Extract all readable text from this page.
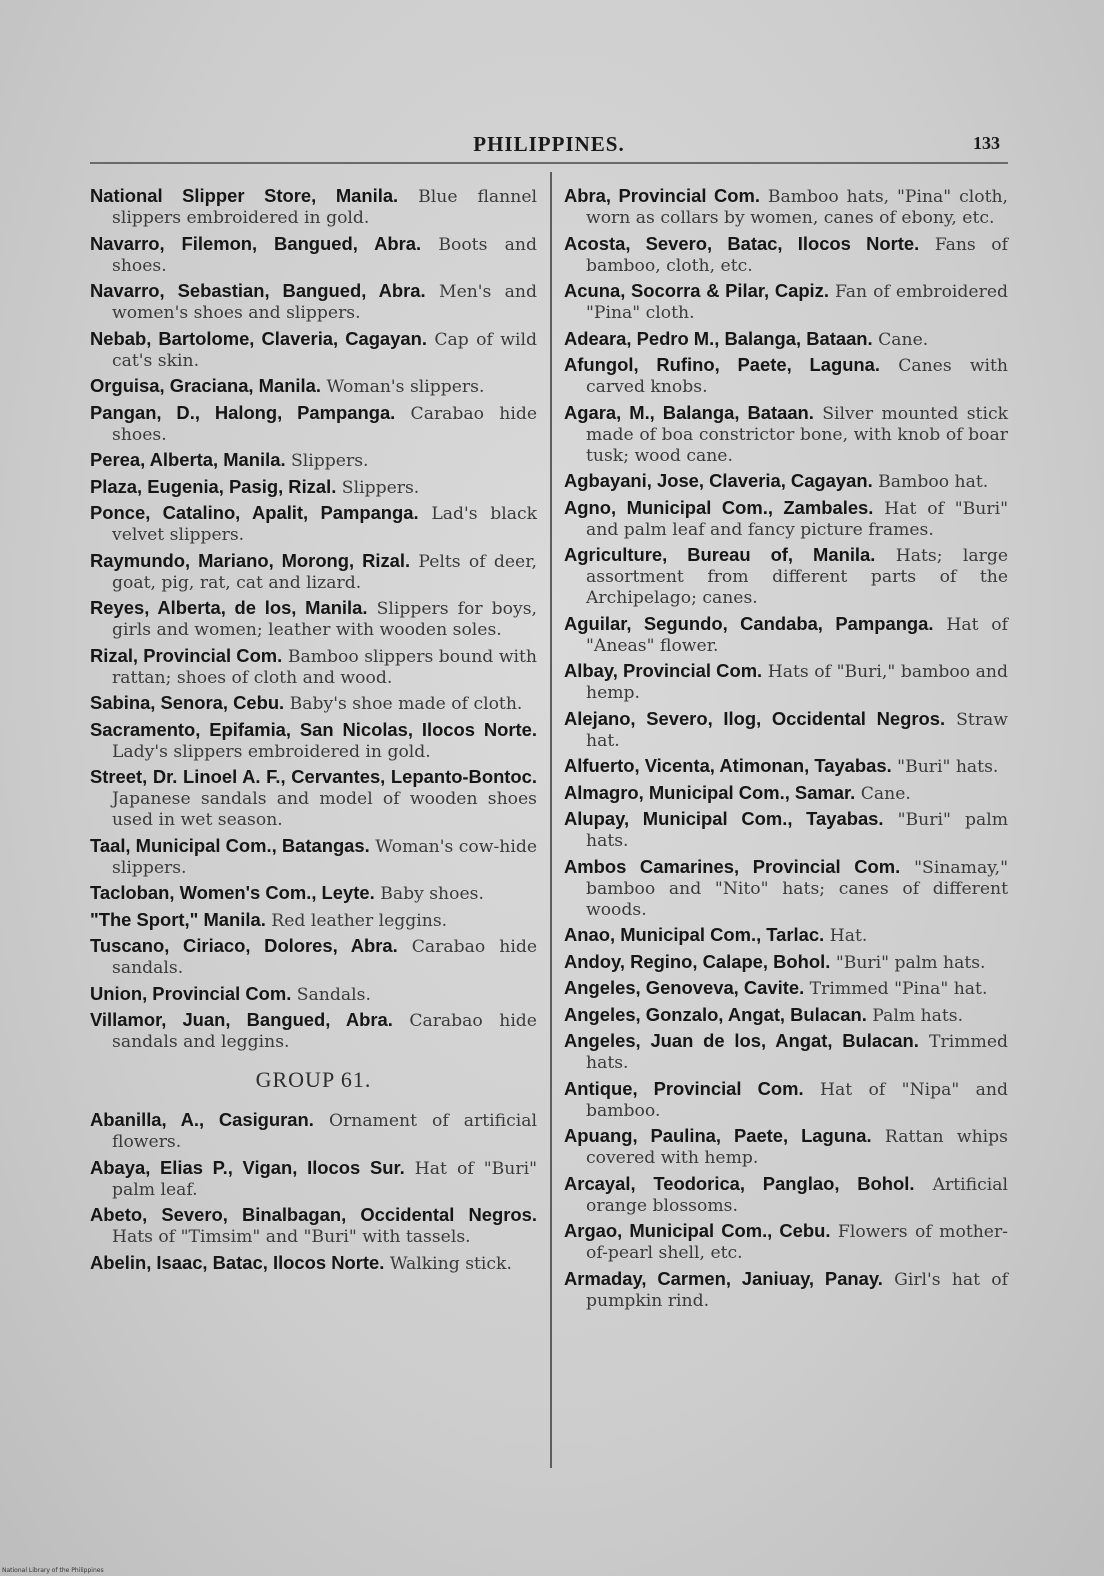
PHILIPPINES.	133

National Slipper Store, Manila. Blue flannel slippers embroidered in gold.

Navarro, Filemon, Bangued, Abra. Boots and shoes.

Navarro, Sebastian, Bangued, Abra. Men's and women's shoes and slippers.

Nebab, Bartolome, Claveria, Cagayan. Cap of wild cat's skin.

Orguisa, Graciana, Manila. Woman's slippers.

Pangan, D., Halong, Pampanga. Carabao hide shoes.

Perea, Alberta, Manila. Slippers.

Plaza, Eugenia, Pasig, Rizal. Slippers.

Ponce, Catalino, Apalit, Pampanga. Lad's black velvet slippers.

Raymundo, Mariano, Morong, Rizal. Pelts of deer, goat, pig, rat, cat and lizard.

Reyes, Alberta, de los, Manila. Slippers for boys, girls and women; leather with wooden soles.

Rizal, Provincial Com. Bamboo slippers bound with rattan; shoes of cloth and wood.

Sabina, Senora, Cebu. Baby's shoe made of cloth.

Sacramento, Epifamia, San Nicolas, Ilocos Norte. Lady's slippers embroidered in gold.

Street, Dr. Linoel A. F., Cervantes, Lepanto-Bontoc. Japanese sandals and model of wooden shoes used in wet season.

Taal, Municipal Com., Batangas. Woman's cow-hide slippers.

Tacloban, Women's Com., Leyte. Baby shoes.

"The Sport," Manila. Red leather leggins.

Tuscano, Ciriaco, Dolores, Abra. Carabao hide sandals.

Union, Provincial Com. Sandals.

Villamor, Juan, Bangued, Abra. Carabao hide sandals and leggins.

GROUP 61.

Abanilla, A., Casiguran. Ornament of artificial flowers.

Abaya, Elias P., Vigan, Ilocos Sur. Hat of "Buri" palm leaf.

Abeto, Severo, Binalbagan, Occidental Negros. Hats of "Timsim" and "Buri" with tassels.

Abelin, Isaac, Batac, Ilocos Norte. Walking stick.

Abra, Provincial Com. Bamboo hats, "Pina" cloth, worn as collars by women, canes of ebony, etc.

Acosta, Severo, Batac, Ilocos Norte. Fans of bamboo, cloth, etc.

Acuna, Socorra & Pilar, Capiz. Fan of embroidered "Pina" cloth.

Adeara, Pedro M., Balanga, Bataan. Cane.

Afungol, Rufino, Paete, Laguna. Canes with carved knobs.

Agara, M., Balanga, Bataan. Silver mounted stick made of boa constrictor bone, with knob of boar tusk; wood cane.

Agbayani, Jose, Claveria, Cagayan. Bamboo hat.

Agno, Municipal Com., Zambales. Hat of "Buri" and palm leaf and fancy picture frames.

Agriculture, Bureau of, Manila. Hats; large assortment from different parts of the Archipelago; canes.

Aguilar, Segundo, Candaba, Pampanga. Hat of "Aneas" flower.

Albay, Provincial Com. Hats of "Buri," bamboo and hemp.

Alejano, Severo, Ilog, Occidental Negros. Straw hat.

Alfuerto, Vicenta, Atimonan, Tayabas. "Buri" hats.

Almagro, Municipal Com., Samar. Cane.

Alupay, Municipal Com., Tayabas. "Buri" palm hats.

Ambos Camarines, Provincial Com. "Sinamay," bamboo and "Nito" hats; canes of different woods.

Anao, Municipal Com., Tarlac. Hat.

Andoy, Regino, Calape, Bohol. "Buri" palm hats.

Angeles, Genoveva, Cavite. Trimmed "Pina" hat.

Angeles, Gonzalo, Angat, Bulacan. Palm hats.

Angeles, Juan de los, Angat, Bulacan. Trimmed hats.

Antique, Provincial Com. Hat of "Nipa" and bamboo.

Apuang, Paulina, Paete, Laguna. Rattan whips covered with hemp.

Arcayal, Teodorica, Panglao, Bohol. Artificial orange blossoms.

Argao, Municipal Com., Cebu. Flowers of mother-of-pearl shell, etc.

Armaday, Carmen, Janiuay, Panay. Girl's hat of pumpkin rind.

National Library of the Philippines
